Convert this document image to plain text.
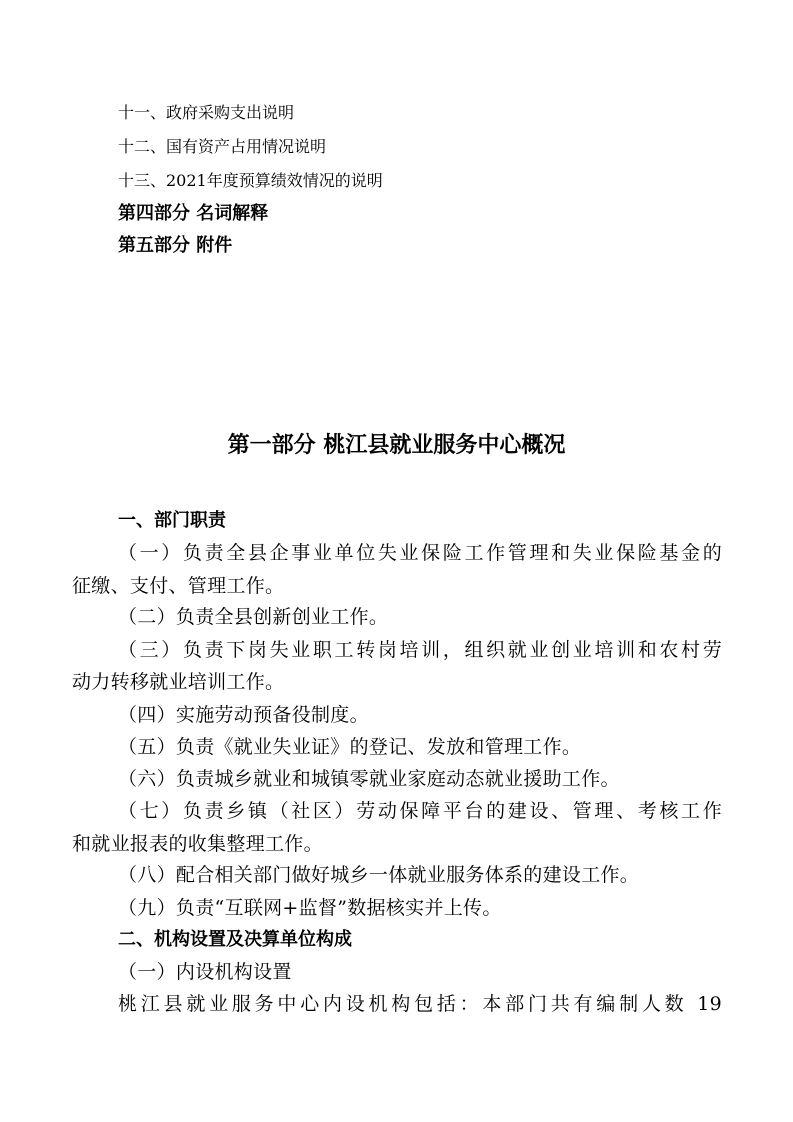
十一、政府采购支出说明
十二、国有资产占用情况说明
十三、2021年度预算绩效情况的说明
第四部分 名词解释
第五部分 附件
第一部分 桃江县就业服务中心概况
一、部门职责
（一）负责全县企事业单位失业保险工作管理和失业保险基金的
征缴、支付、管理工作。
（二）负责全县创新创业工作。
（三）负责下岗失业职工转岗培训，组织就业创业培训和农村劳
动力转移就业培训工作。
（四）实施劳动预备役制度。
（五）负责《就业失业证》的登记、发放和管理工作。
（六）负责城乡就业和城镇零就业家庭动态就业援助工作。
（七）负责乡镇（社区）劳动保障平台的建设、管理、考核工作
和就业报表的收集整理工作。
（八）配合相关部门做好城乡一体就业服务体系的建设工作。
（九）负责“互联网+监督”数据核实并上传。
二、机构设置及决算单位构成
（一）内设机构设置
桃江县就业服务中心内设机构包括：本部门共有编制人数 19
